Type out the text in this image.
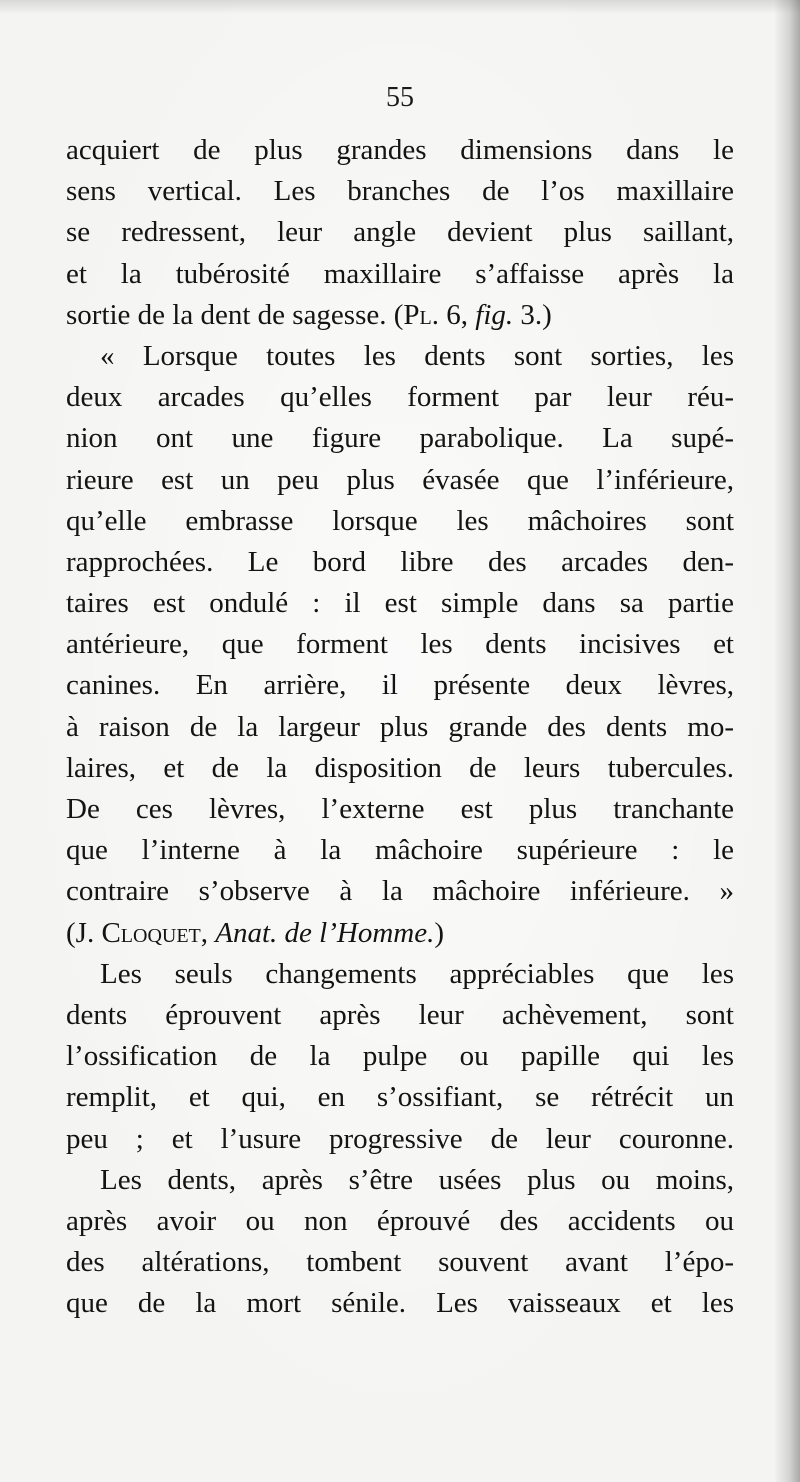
55
acquiert de plus grandes dimensions dans le
sens vertical. Les branches de l’os maxillaire
se redressent, leur angle devient plus saillant,
et la tubérosité maxillaire s’affaisse après la
sortie de la dent de sagesse. (Pl. 6, fig. 3.)
« Lorsque toutes les dents sont sorties, les
deux arcades qu’elles forment par leur réu-
nion ont une figure parabolique. La supé-
rieure est un peu plus évasée que l’inférieure,
qu’elle embrasse lorsque les mâchoires sont
rapprochées. Le bord libre des arcades den-
taires est ondulé : il est simple dans sa partie
antérieure, que forment les dents incisives et
canines. En arrière, il présente deux lèvres,
à raison de la largeur plus grande des dents mo-
laires, et de la disposition de leurs tubercules.
De ces lèvres, l’externe est plus tranchante
que l’interne à la mâchoire supérieure : le
contraire s’observe à la mâchoire inférieure. »
(J. Cloquet, Anat. de l’Homme.)
Les seuls changements appréciables que les
dents éprouvent après leur achèvement, sont
l’ossification de la pulpe ou papille qui les
remplit, et qui, en s’ossifiant, se rétrécit un
peu ; et l’usure progressive de leur couronne.
Les dents, après s’être usées plus ou moins,
après avoir ou non éprouvé des accidents ou
des altérations, tombent souvent avant l’épo-
que de la mort sénile. Les vaisseaux et les
